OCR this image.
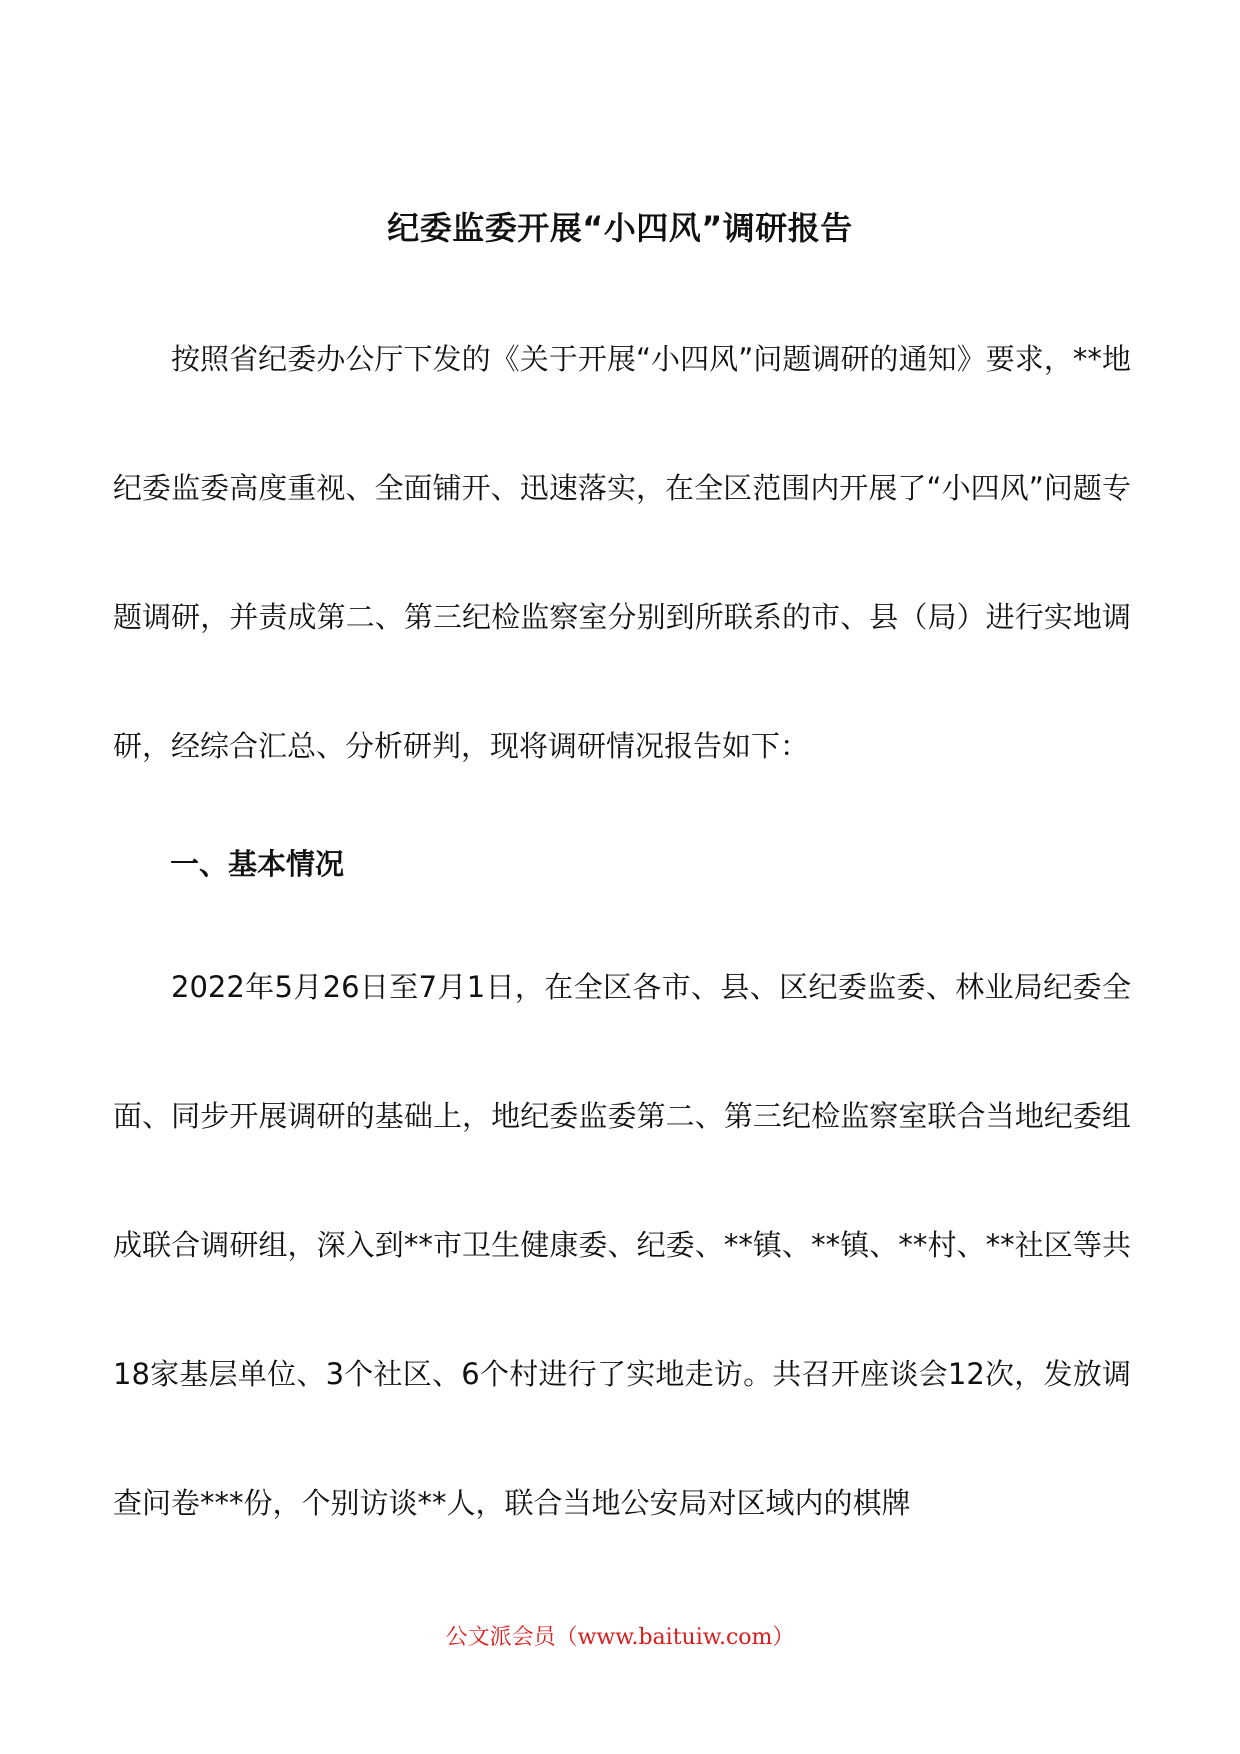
纪委监委开展“小四风”调研报告

按照省纪委办公厅下发的《关于开展“小四风”问题调研的通知》要求，**地纪委监委高度重视、全面铺开、迅速落实，在全区范围内开展了“小四风”问题专题调研，并责成第二、第三纪检监察室分别到所联系的市、县（局）进行实地调研，经综合汇总、分析研判，现将调研情况报告如下：

一、基本情况

2022年5月26日至7月1日，在全区各市、县、区纪委监委、林业局纪委全面、同步开展调研的基础上，地纪委监委第二、第三纪检监察室联合当地纪委组成联合调研组，深入到**市卫生健康委、纪委、**镇、**镇、**村、**社区等共18家基层单位、3个社区、6个村进行了实地走访。共召开座谈会12次，发放调查问卷***份，个别访谈**人，联合当地公安局对区域内的棋牌

公文派会员（www.baituiw.com）
